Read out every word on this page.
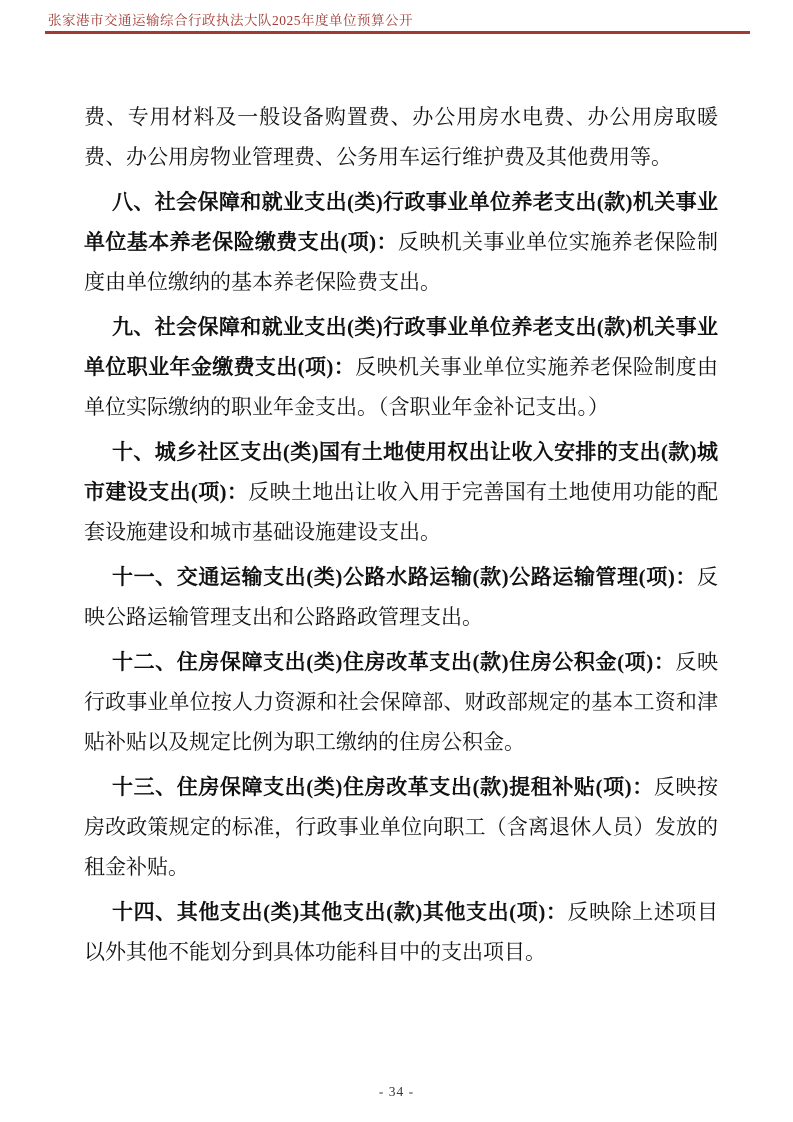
张家港市交通运输综合行政执法大队2025年度单位预算公开

费、专用材料及一般设备购置费、办公用房水电费、办公用房取暖费、办公用房物业管理费、公务用车运行维护费及其他费用等。

八、社会保障和就业支出(类)行政事业单位养老支出(款)机关事业单位基本养老保险缴费支出(项)：反映机关事业单位实施养老保险制度由单位缴纳的基本养老保险费支出。

九、社会保障和就业支出(类)行政事业单位养老支出(款)机关事业单位职业年金缴费支出(项)：反映机关事业单位实施养老保险制度由单位实际缴纳的职业年金支出。（含职业年金补记支出。）

十、城乡社区支出(类)国有土地使用权出让收入安排的支出(款)城市建设支出(项)：反映土地出让收入用于完善国有土地使用功能的配套设施建设和城市基础设施建设支出。

十一、交通运输支出(类)公路水路运输(款)公路运输管理(项)：反映公路运输管理支出和公路路政管理支出。

十二、住房保障支出(类)住房改革支出(款)住房公积金(项)：反映行政事业单位按人力资源和社会保障部、财政部规定的基本工资和津贴补贴以及规定比例为职工缴纳的住房公积金。

十三、住房保障支出(类)住房改革支出(款)提租补贴(项)：反映按房改政策规定的标准，行政事业单位向职工（含离退休人员）发放的租金补贴。

十四、其他支出(类)其他支出(款)其他支出(项)：反映除上述项目以外其他不能划分到具体功能科目中的支出项目。

- 34 -
